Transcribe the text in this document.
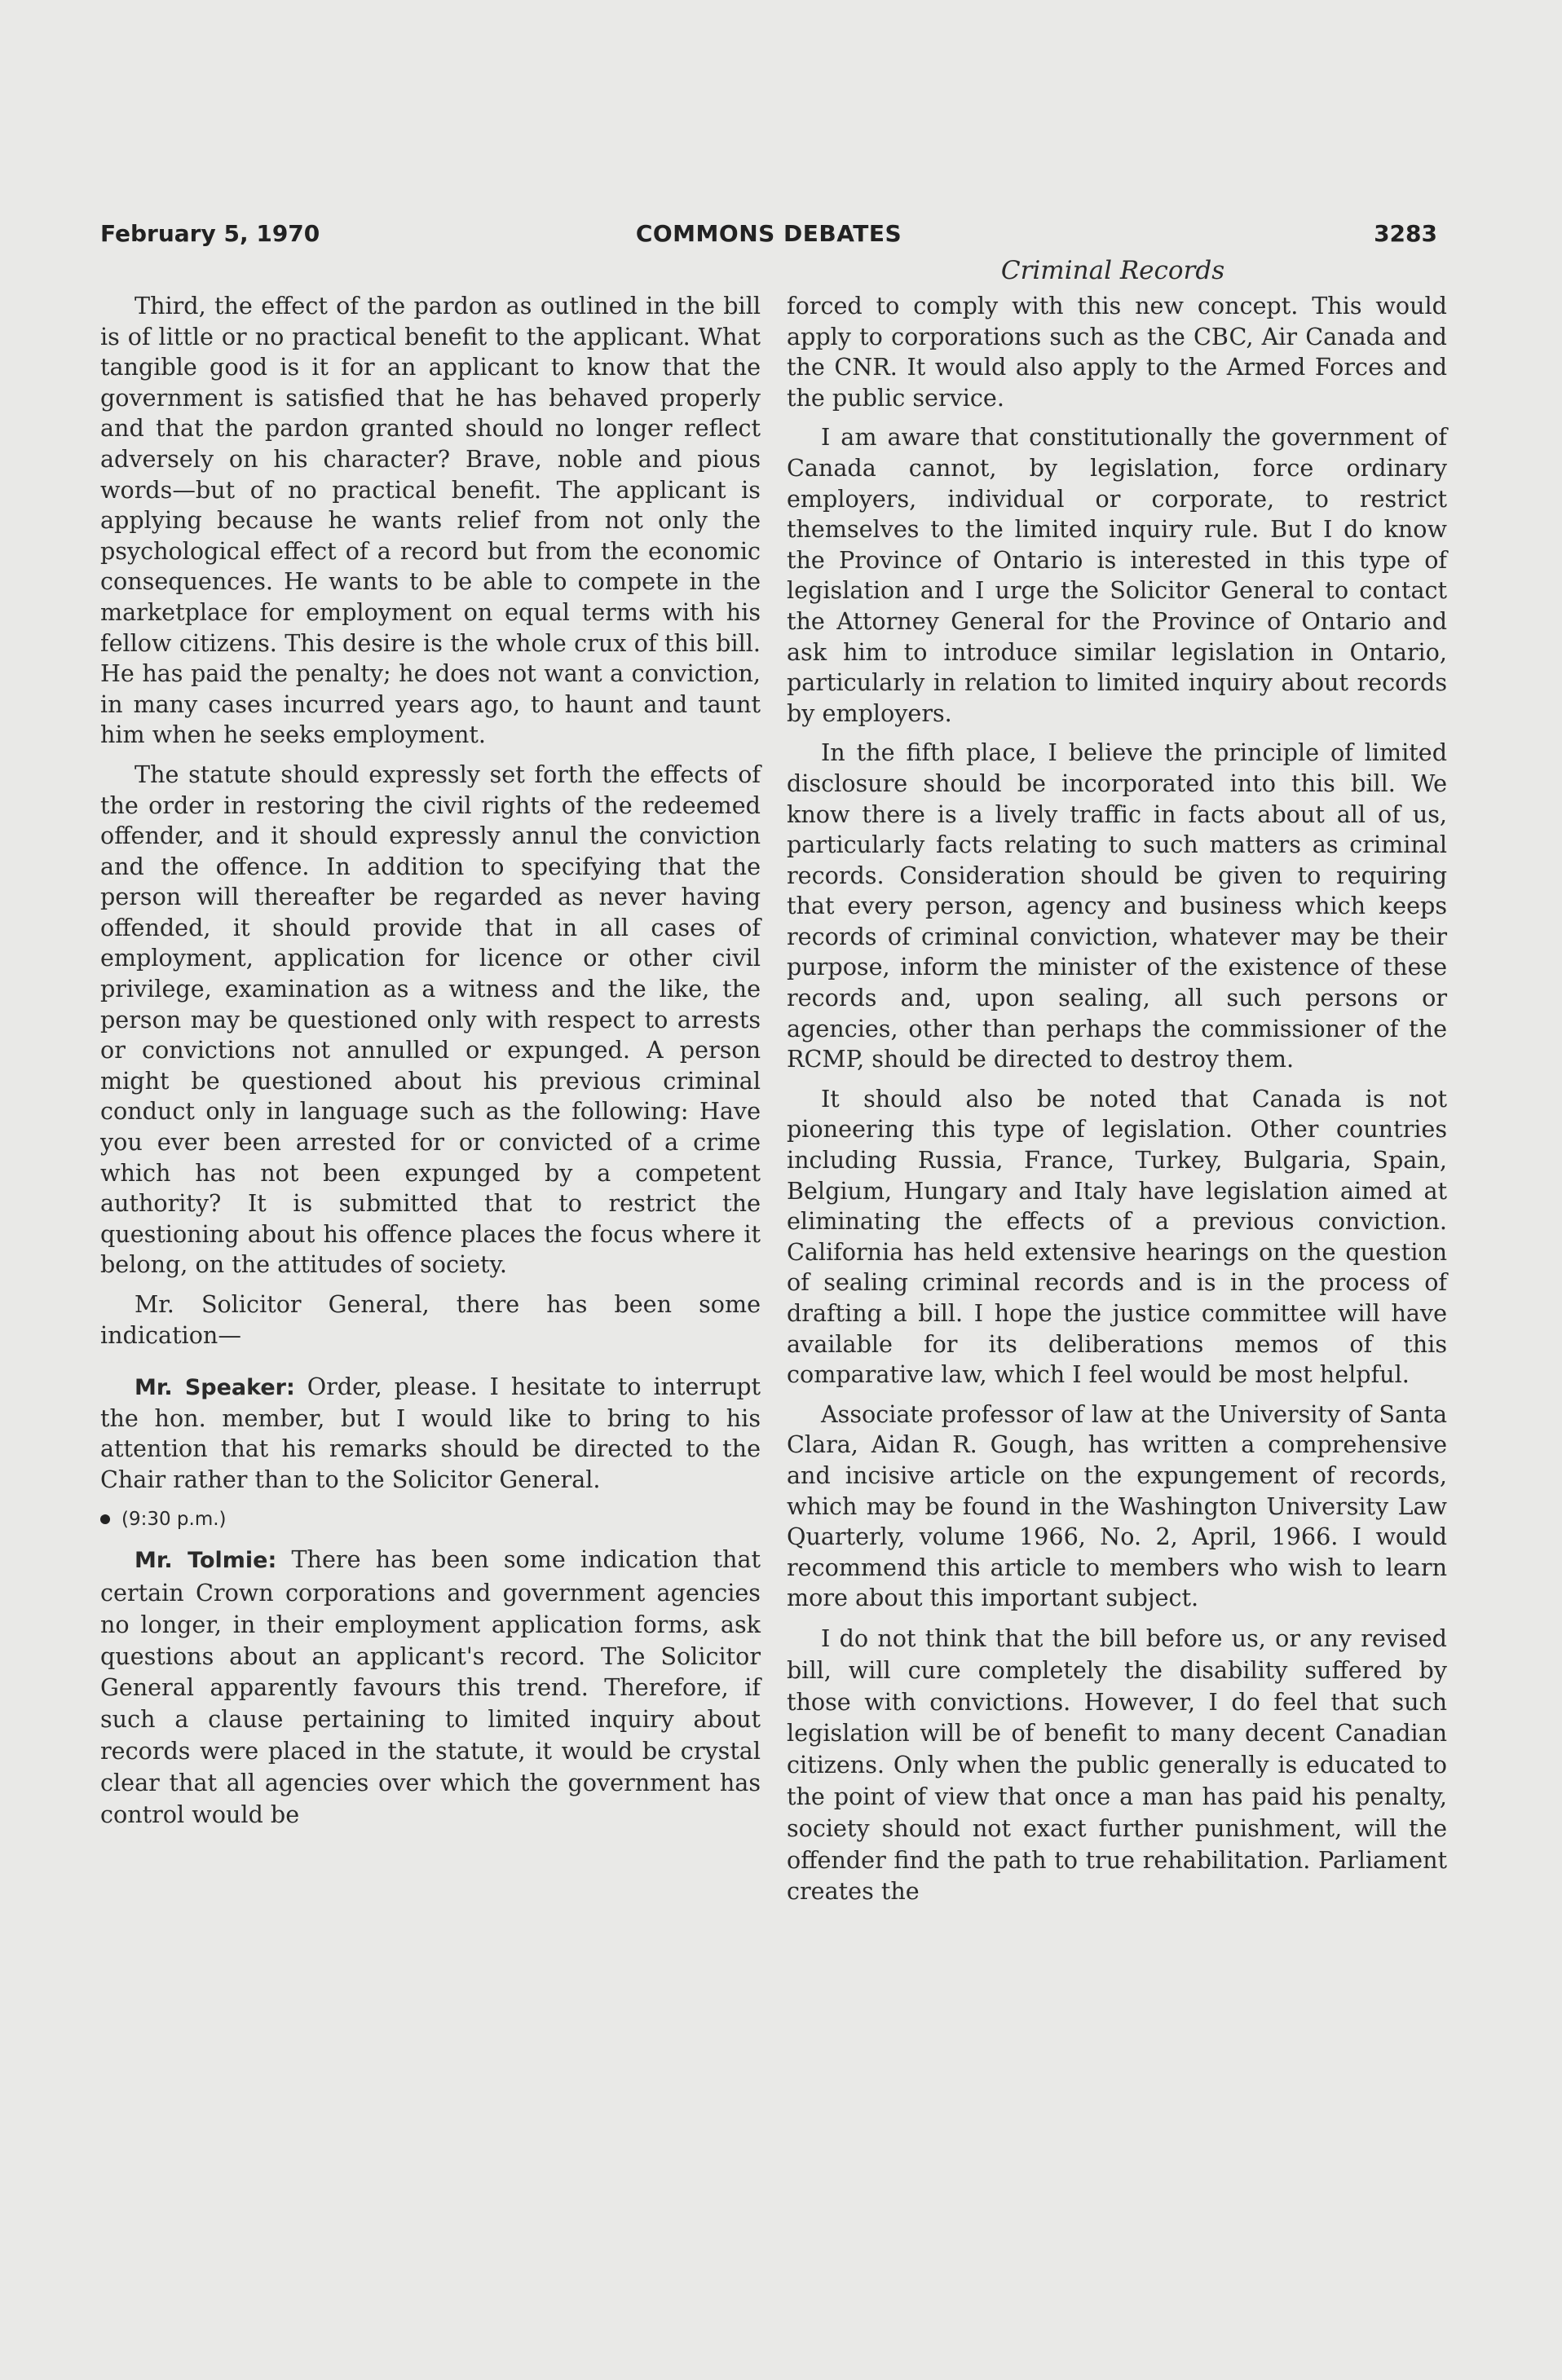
February 5, 1970	COMMONS DEBATES	3283
Criminal Records

Third, the effect of the pardon as outlined in the bill is of little or no practical benefit to the applicant. What tangible good is it for an applicant to know that the government is satisfied that he has behaved properly and that the pardon granted should no longer reflect adversely on his character? Brave, noble and pious words—but of no practical benefit. The applicant is applying because he wants relief from not only the psychological effect of a record but from the economic consequences. He wants to be able to compete in the marketplace for employment on equal terms with his fellow citizens. This desire is the whole crux of this bill. He has paid the penalty; he does not want a conviction, in many cases incurred years ago, to haunt and taunt him when he seeks employment.

The statute should expressly set forth the effects of the order in restoring the civil rights of the redeemed offender, and it should expressly annul the conviction and the offence. In addition to specifying that the person will thereafter be regarded as never having offended, it should provide that in all cases of employment, application for licence or other civil privilege, examination as a witness and the like, the person may be questioned only with respect to arrests or convictions not annulled or expunged. A person might be questioned about his previous criminal conduct only in language such as the following: Have you ever been arrested for or convicted of a crime which has not been expunged by a competent authority? It is submitted that to restrict the questioning about his offence places the focus where it belong, on the attitudes of society.

Mr. Solicitor General, there has been some indication—

Mr. Speaker: Order, please. I hesitate to interrupt the hon. member, but I would like to bring to his attention that his remarks should be directed to the Chair rather than to the Solicitor General.

(9:30 p.m.)

Mr. Tolmie: There has been some indication that certain Crown corporations and government agencies no longer, in their employment application forms, ask questions about an applicant's record. The Solicitor General apparently favours this trend. Therefore, if such a clause pertaining to limited inquiry about records were placed in the statute, it would be crystal clear that all agencies over which the government has control would be

forced to comply with this new concept. This would apply to corporations such as the CBC, Air Canada and the CNR. It would also apply to the Armed Forces and the public service.

I am aware that constitutionally the government of Canada cannot, by legislation, force ordinary employers, individual or corporate, to restrict themselves to the limited inquiry rule. But I do know the Province of Ontario is interested in this type of legislation and I urge the Solicitor General to contact the Attorney General for the Province of Ontario and ask him to introduce similar legislation in Ontario, particularly in relation to limited inquiry about records by employers.

In the fifth place, I believe the principle of limited disclosure should be incorporated into this bill. We know there is a lively traffic in facts about all of us, particularly facts relating to such matters as criminal records. Consideration should be given to requiring that every person, agency and business which keeps records of criminal conviction, whatever may be their purpose, inform the minister of the existence of these records and, upon sealing, all such persons or agencies, other than perhaps the commissioner of the RCMP, should be directed to destroy them.

It should also be noted that Canada is not pioneering this type of legislation. Other countries including Russia, France, Turkey, Bulgaria, Spain, Belgium, Hungary and Italy have legislation aimed at eliminating the effects of a previous conviction. California has held extensive hearings on the question of sealing criminal records and is in the process of drafting a bill. I hope the justice committee will have available for its deliberations memos of this comparative law, which I feel would be most helpful.

Associate professor of law at the University of Santa Clara, Aidan R. Gough, has written a comprehensive and incisive article on the expungement of records, which may be found in the Washington University Law Quarterly, volume 1966, No. 2, April, 1966. I would recommend this article to members who wish to learn more about this important subject.

I do not think that the bill before us, or any revised bill, will cure completely the disability suffered by those with convictions. However, I do feel that such legislation will be of benefit to many decent Canadian citizens. Only when the public generally is educated to the point of view that once a man has paid his penalty, society should not exact further punishment, will the offender find the path to true rehabilitation. Parliament creates the
